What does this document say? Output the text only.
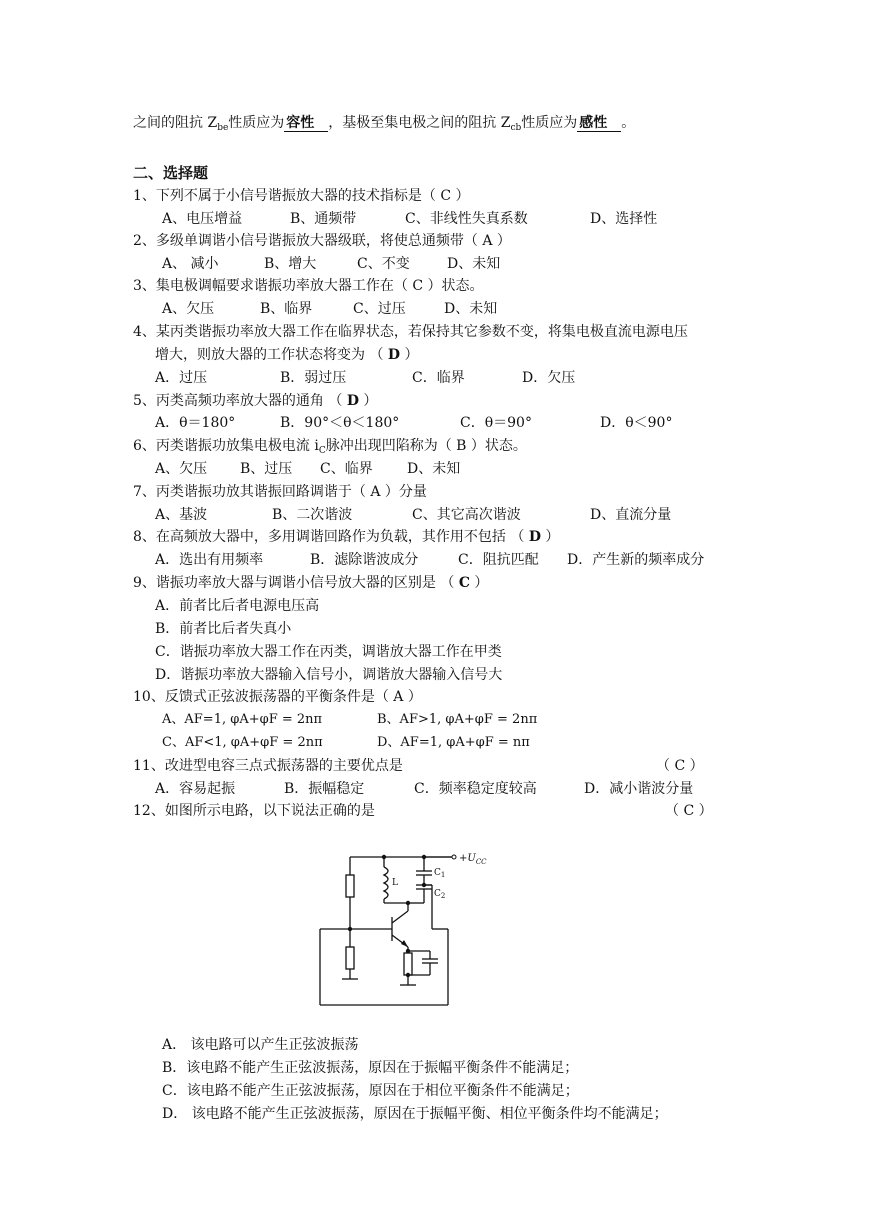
之间的阻抗 $Z_{be}$性质应为 容性 ，基极至集电极之间的阻抗 $Z_{cb}$性质应为 感性 。
二、选择题
1、下列不属于小信号谐振放大器的技术指标是（ C ）
A、电压增益	B、通频带	C、非线性失真系数	D、选择性
2、多级单调谐小信号谐振放大器级联，将使总通频带（ A ）
A、 减小	B、增大	C、不变	D、未知
3、集电极调幅要求谐振功率放大器工作在（ C ）状态。
A、欠压	B、临界	C、过压	D、未知
4、某丙类谐振功率放大器工作在临界状态，若保持其它参数不变，将集电极直流电源电压
增大，则放大器的工作状态将变为 （ D ）
A．过压	B．弱过压	C．临界	D．欠压
5、丙类高频功率放大器的通角 （ D ）
A．θ＝180°	B．90°＜θ＜180°	C．θ＝90°	D．θ＜90°
6、丙类谐振功放集电极电流 $i_C$脉冲出现凹陷称为（ B ）状态。
A、欠压 B、过压 C、临界 D、未知
7、丙类谐振功放其谐振回路调谐于（ A ）分量
A、基波	B、二次谐波	C、其它高次谐波	D、直流分量
8、在高频放大器中，多用调谐回路作为负载，其作用不包括 （ D ）
A．选出有用频率	B．滤除谐波成分	C．阻抗匹配 D．产生新的频率成分
9、谐振功率放大器与调谐小信号放大器的区别是 （ C ）
A．前者比后者电源电压高
B．前者比后者失真小
C．谐振功率放大器工作在丙类，调谐放大器工作在甲类
D．谐振功率放大器输入信号小，调谐放大器输入信号大
10、反馈式正弦波振荡器的平衡条件是（ A ）
A、AF=1, φA+φF = 2nπ	B、AF>1, φA+φF = 2nπ
C、AF<1, φA+φF = 2nπ	D、AF=1, φA+φF = nπ
11、改进型电容三点式振荡器的主要优点是	（ C ）
A．容易起振	B．振幅稳定	C．频率稳定度较高	D．减小谐波分量
12、如图所示电路，以下说法正确的是	（ C ）
$+U_{CC}$
L
$C_1$
$C_2$
A． 该电路可以产生正弦波振荡
B．该电路不能产生正弦波振荡，原因在于振幅平衡条件不能满足；
C．该电路不能产生正弦波振荡，原因在于相位平衡条件不能满足；
D． 该电路不能产生正弦波振荡，原因在于振幅平衡、相位平衡条件均不能满足；
